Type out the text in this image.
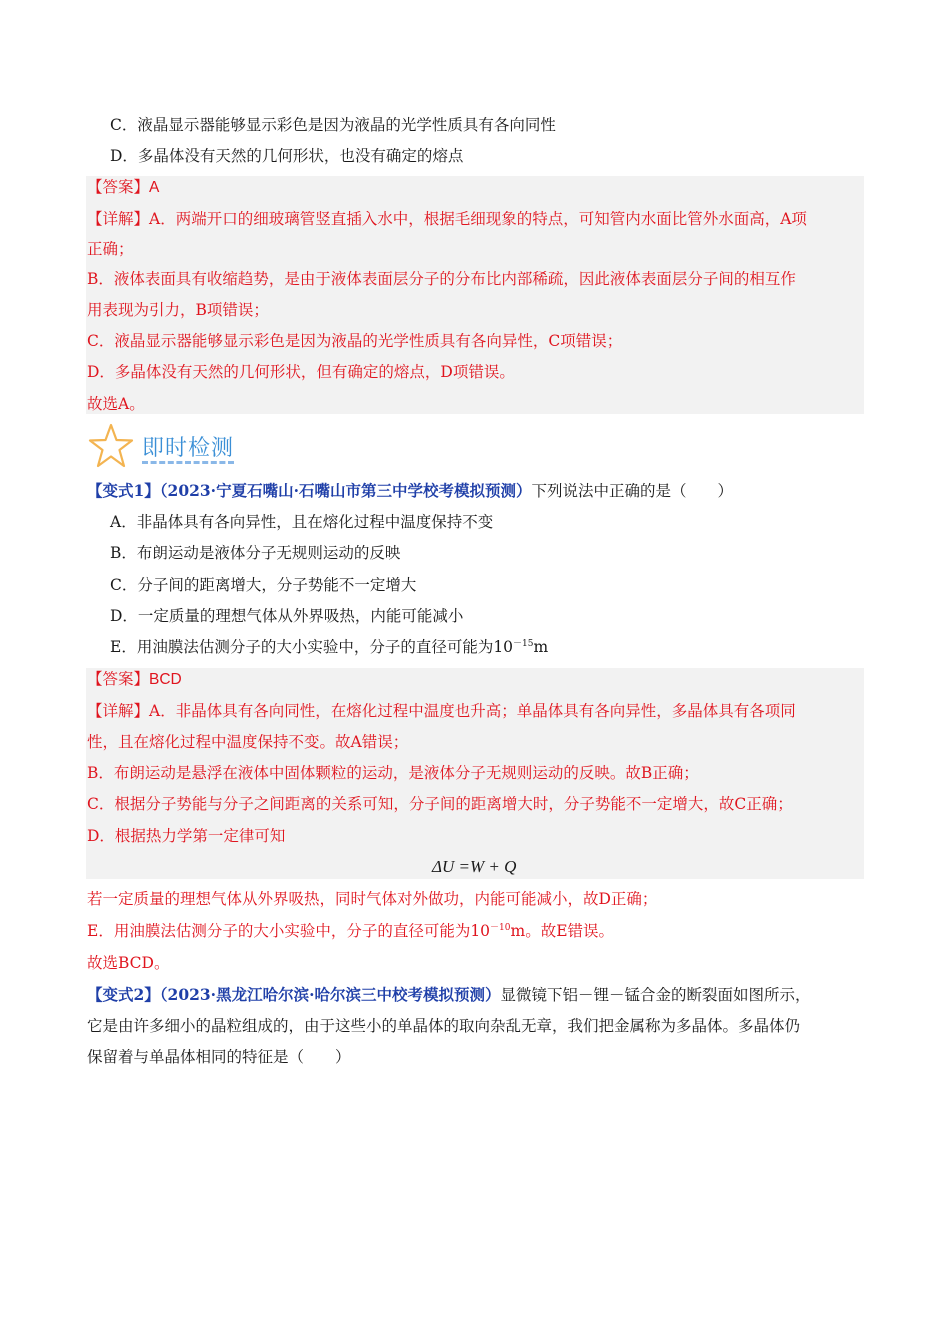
C．液晶显示器能够显示彩色是因为液晶的光学性质具有各向同性
D．多晶体没有天然的几何形状，也没有确定的熔点
【答案】A
【详解】A．两端开口的细玻璃管竖直插入水中，根据毛细现象的特点，可知管内水面比管外水面高，A项
正确；
B．液体表面具有收缩趋势，是由于液体表面层分子的分布比内部稀疏，因此液体表面层分子间的相互作
用表现为引力，B项错误；
C．液晶显示器能够显示彩色是因为液晶的光学性质具有各向异性，C项错误；
D．多晶体没有天然的几何形状，但有确定的熔点，D项错误。
故选A。
即时检测
【变式1】（2023·宁夏石嘴山·石嘴山市第三中学校考模拟预测）下列说法中正确的是（　　）
A．非晶体具有各向异性，且在熔化过程中温度保持不变
B．布朗运动是液体分子无规则运动的反映
C．分子间的距离增大，分子势能不一定增大
D．一定质量的理想气体从外界吸热，内能可能减小
E．用油膜法估测分子的大小实验中，分子的直径可能为$10^{-15}m$
【答案】BCD
【详解】A．非晶体具有各向同性，在熔化过程中温度也升高；单晶体具有各向异性，多晶体具有各项同
性，且在熔化过程中温度保持不变。故A错误；
B．布朗运动是悬浮在液体中固体颗粒的运动，是液体分子无规则运动的反映。故B正确；
C．根据分子势能与分子之间距离的关系可知，分子间的距离增大时，分子势能不一定增大，故C正确；
D．根据热力学第一定律可知
ΔU =W + Q
若一定质量的理想气体从外界吸热，同时气体对外做功，内能可能减小，故D正确；
E．用油膜法估测分子的大小实验中，分子的直径可能为$10^{-10}m$。故E错误。
故选BCD。
【变式2】（2023·黑龙江哈尔滨·哈尔滨三中校考模拟预测）显微镜下铝－锂－锰合金的断裂面如图所示，
它是由许多细小的晶粒组成的，由于这些小的单晶体的取向杂乱无章，我们把金属称为多晶体。多晶体仍
保留着与单晶体相同的特征是（　　）
